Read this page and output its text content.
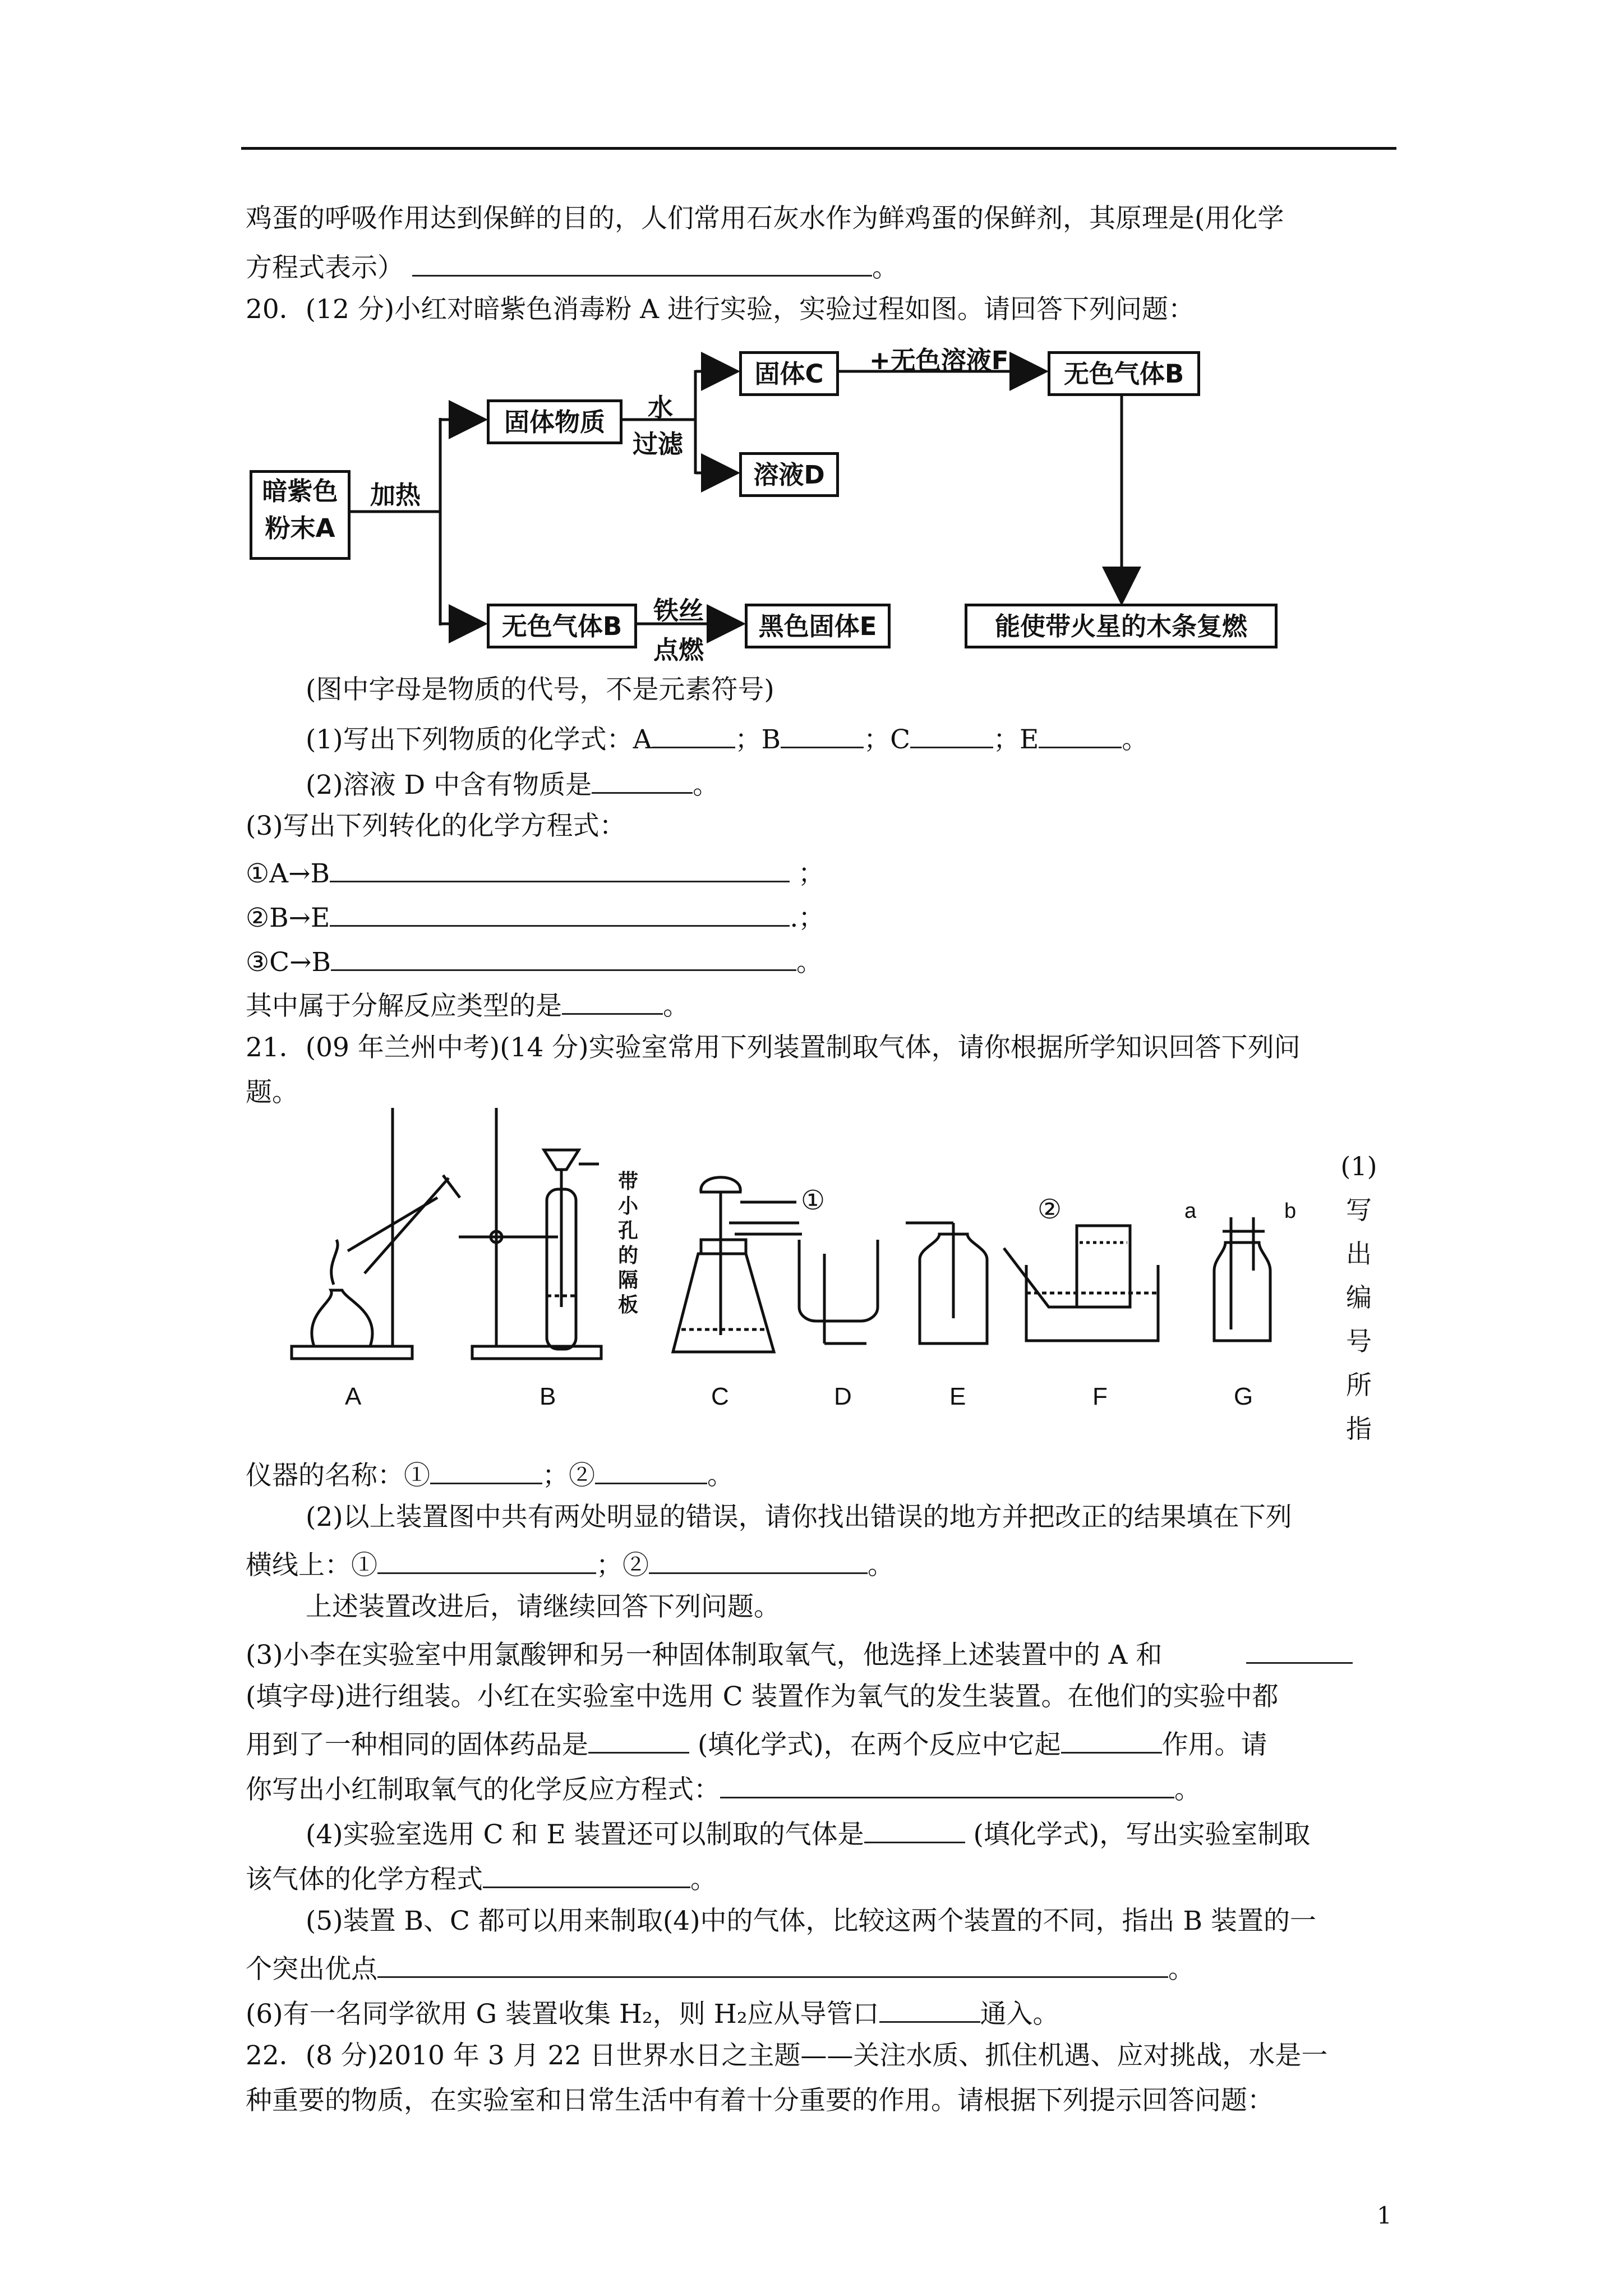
鸡蛋的呼吸作用达到保鲜的目的，人们常用石灰水作为鲜鸡蛋的保鲜剂，其原理是(用化学
方程式表示）	。
20．(12 分)小红对暗紫色消毒粉 A 进行实验，实验过程如图。请回答下列问题：
暗紫色
粉末A
加热
固体物质	水
过滤
固体C	+无色溶液F	无色气体B
溶液D
无色气体B
铁丝
点燃
黑色固体E	能使带火星的木条复燃
(图中字母是物质的代号，不是元素符号)
(1)写出下列物质的化学式：A	；B	；C	；E	。
(2)溶液 D 中含有物质是	。
(3)写出下列转化的化学方程式：
①A→B	；
②B→E	.；
③C→B	。
其中属于分解反应类型的是	。
21．(09 年兰州中考)(14 分)实验室常用下列装置制取气体，请你根据所学知识回答下列问
题。
A	B	C	D	E	F	G
带
小
孔
的
隔
板
①	②	a	b
(1)
写
出
编
号
所
指
仪器的名称：①	；②	。
(2)以上装置图中共有两处明显的错误，请你找出错误的地方并把改正的结果填在下列
横线上：①	；②	。
上述装置改进后，请继续回答下列问题。
(3)小李在实验室中用氯酸钾和另一种固体制取氧气，他选择上述装置中的 A 和
(填字母)进行组装。小红在实验室中选用 C 装置作为氧气的发生装置。在他们的实验中都
用到了一种相同的固体药品是	(填化学式)，在两个反应中它起	作用。请
你写出小红制取氧气的化学反应方程式：	。
(4)实验室选用 C 和 E 装置还可以制取的气体是	(填化学式)，写出实验室制取
该气体的化学方程式	。
(5)装置 B、C 都可以用来制取(4)中的气体，比较这两个装置的不同，指出 B 装置的一
个突出优点	。
(6)有一名同学欲用 G 装置收集 H₂，则 H₂应从导管口	通入。
22．(8 分)2010 年 3 月 22 日世界水日之主题——关注水质、抓住机遇、应对挑战，水是一
种重要的物质，在实验室和日常生活中有着十分重要的作用。请根据下列提示回答问题：
1
